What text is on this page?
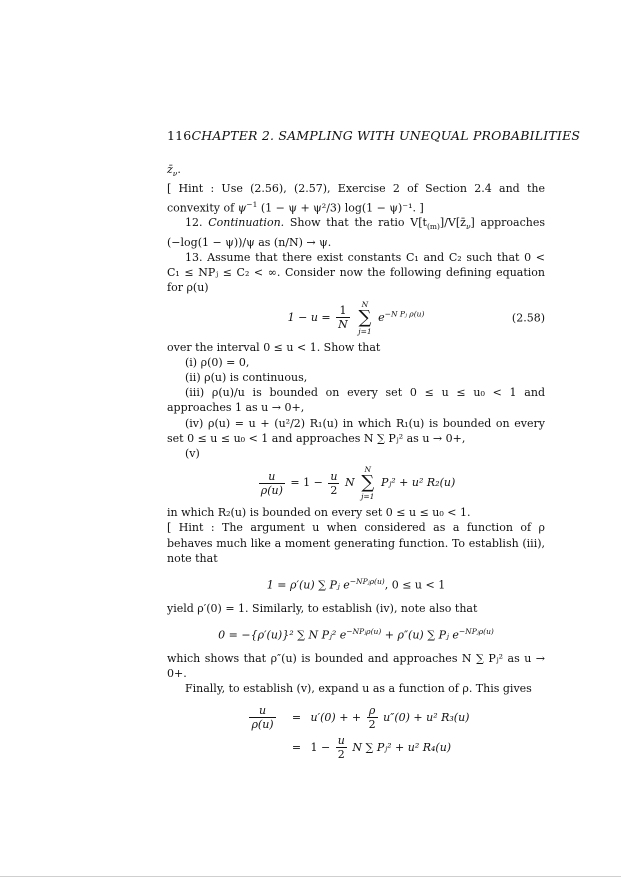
116CHAPTER 2. SAMPLING WITH UNEQUAL PROBABILITIES

$z̄_\nu$.

[ Hint : Use (2.56), (2.57), Exercise 2 of Section 2.4 and the convexity of $\psi^{-1}$ (1 − ψ + ψ²/3) log(1 − ψ)⁻¹. ]

12. Continuation. Show that the ratio $V[t_{(m)}]/V[z̄_\nu]$ approaches (−log(1 − ψ))/ψ as (n/N) → ψ.

13. Assume that there exist constants C₁ and C₂ such that 0 < C₁ ≤ NPⱼ ≤ C₂ < ∞. Consider now the following defining equation for ρ(u)

$1 - u = \frac{1}{N}$
	N
∑
j=1
$e^{-N Pⱼ \rho(u)}$	(2.58)

over the interval 0 ≤ u < 1. Show that

(i) ρ(0) = 0,

(ii) ρ(u) is continuous,

(iii) ρ(u)/u is bounded on every set 0 ≤ u ≤ u₀ < 1 and approaches 1 as u → 0+,

(iv) ρ(u) = u + (u²/2) R₁(u) in which R₁(u) is bounded on every set 0 ≤ u ≤ u₀ < 1 and approaches N ∑ Pⱼ² as u → 0+,

(v)

$\frac{u}{\rho(u)} = 1 - \frac{u}{2}$ N
N
∑
j=1
Pⱼ² + u² R₂(u)

in which R₂(u) is bounded on every set 0 ≤ u ≤ u₀ < 1.

[ Hint : The argument u when considered as a function of ρ behaves much like a moment generating function. To establish (iii), note that

1 = ρ′(u) ∑ Pⱼ $e^{-NPⱼ\rho(u)}$, 0 ≤ u < 1

yield ρ′(0) = 1. Similarly, to establish (iv), note also that

0 = −{ρ′(u)}² ∑ N Pⱼ² $e^{-NPⱼ\rho(u)} + \rho''(u)$ ∑ Pⱼ $e^{-NPⱼ\rho(u)}$

which shows that ρ″(u) is bounded and approaches N ∑ Pⱼ² as u → 0+.

Finally, to establish (v), expand u as a function of ρ. This gives

$\frac{u}{\rho(u)} = u'(0)$ + + $\frac{\rho}{2} u''(0) + u^2$ R₃(u)
= $1 - \frac{u}{2}$ N ∑ Pⱼ² + u² R₄(u)
